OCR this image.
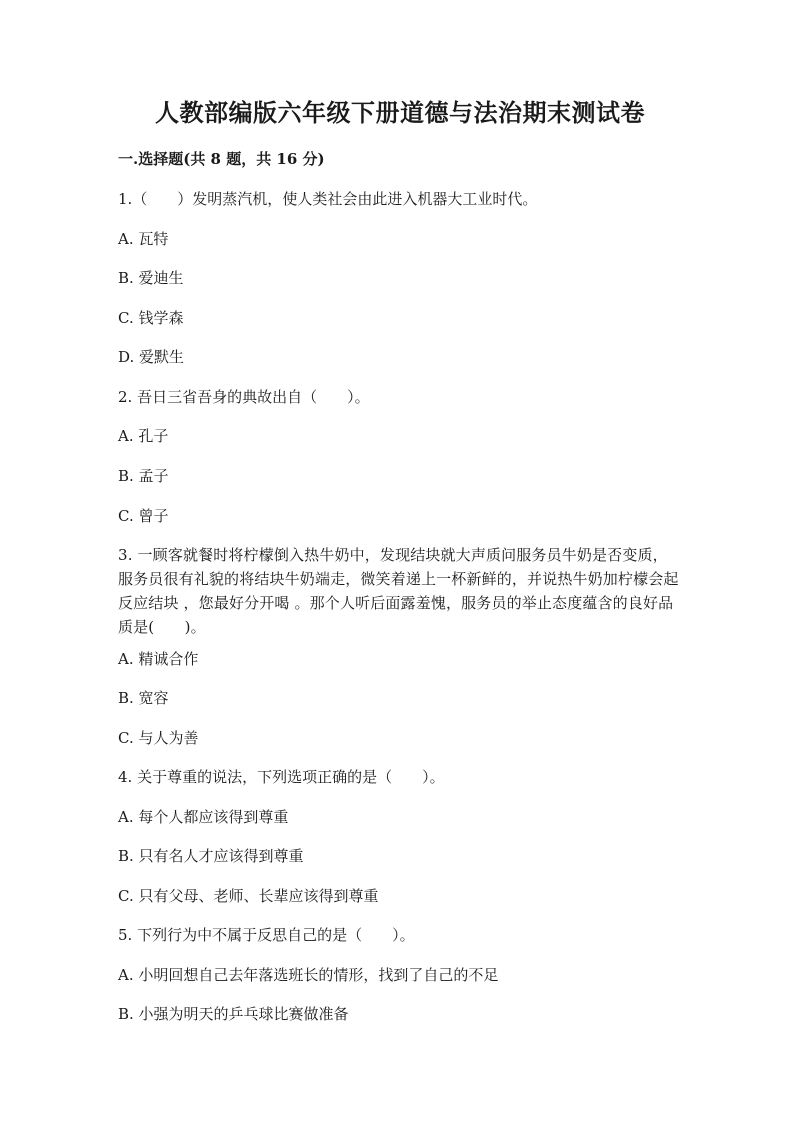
人教部编版六年级下册道德与法治期末测试卷
一.选择题(共 8 题，共 16 分)
1.（　　）发明蒸汽机，使人类社会由此进入机器大工业时代。
A. 瓦特
B. 爱迪生
C. 钱学森
D. 爱默生
2. 吾日三省吾身的典故出自（　　）。
A. 孔子
B. 孟子
C. 曾子
3. 一顾客就餐时将柠檬倒入热牛奶中，发现结块就大声质问服务员牛奶是否变质，服务员很有礼貌的将结块牛奶端走，微笑着递上一杯新鲜的，并说热牛奶加柠檬会起反应结块 ，您最好分开喝 。那个人听后面露羞愧，服务员的举止态度蕴含的良好品质是(　　)。
A. 精诚合作
B. 宽容
C. 与人为善
4. 关于尊重的说法，下列选项正确的是（　　）。
A. 每个人都应该得到尊重
B. 只有名人才应该得到尊重
C. 只有父母、老师、长辈应该得到尊重
5. 下列行为中不属于反思自己的是（　　）。
A. 小明回想自己去年落选班长的情形，找到了自己的不足
B. 小强为明天的乒乓球比赛做准备
